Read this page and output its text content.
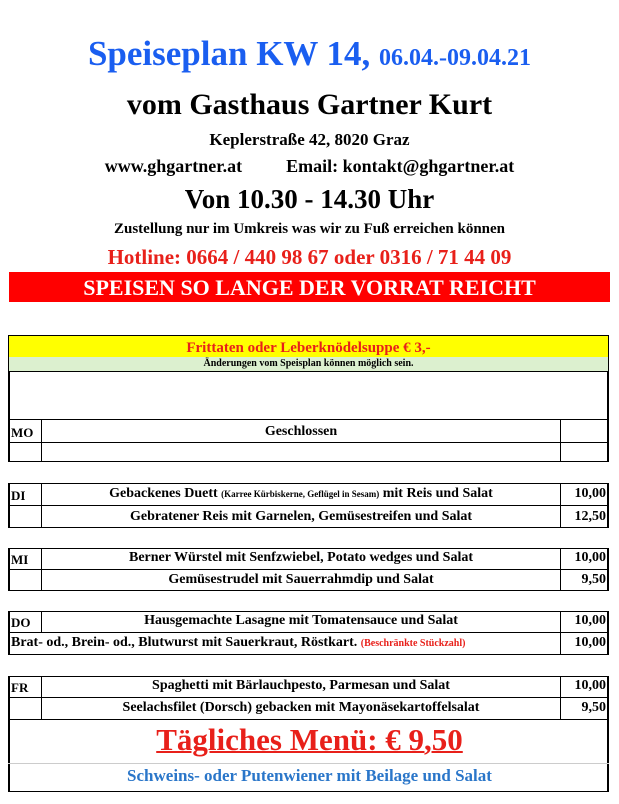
Speiseplan KW 14, 06.04.-09.04.21
vom Gasthaus Gartner Kurt
Keplerstraße 42, 8020 Graz
www.ghgartner.at Email: kontakt@ghgartner.at
Von 10.30 - 14.30 Uhr
Zustellung nur im Umkreis was wir zu Fuß erreichen können
Hotline: 0664 / 440 98 67 oder 0316 / 71 44 09
SPEISEN SO LANGE DER VORRAT REICHT
Frittaten oder Leberknödelsuppe € 3,-
Änderungen vom Speisplan können möglich sein.
MO	Geschlossen
DI	Gebackenes Duett (Karree Kürbiskerne, Geflügel in Sesam) mit Reis und Salat	10,00
Gebratener Reis mit Garnelen, Gemüsestreifen und Salat	12,50
MI	Berner Würstel mit Senfzwiebel, Potato wedges und Salat	10,00
Gemüsestrudel mit Sauerrahmdip und Salat	9,50
DO	Hausgemachte Lasagne mit Tomatensauce und Salat	10,00
Brat- od., Brein- od., Blutwurst mit Sauerkraut, Röstkart. (Beschränkte Stückzahl)	10,00
FR	Spaghetti mit Bärlauchpesto, Parmesan und Salat	10,00
Seelachsfilet (Dorsch) gebacken mit Mayonäsekartoffelsalat	9,50
Tägliches Menü: € 9,50
Schweins- oder Putenwiener mit Beilage und Salat
